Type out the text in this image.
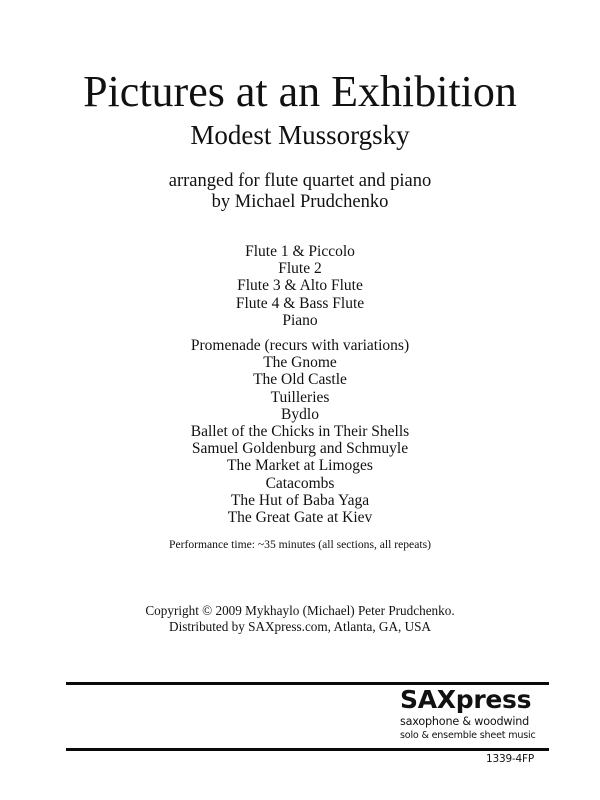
Pictures at an Exhibition
Modest Mussorgsky
arranged for flute quartet and piano
by Michael Prudchenko
Flute 1 & Piccolo
Flute 2
Flute 3 & Alto Flute
Flute 4 & Bass Flute
Piano
Promenade (recurs with variations)
The Gnome
The Old Castle
Tuilleries
Bydlo
Ballet of the Chicks in Their Shells
Samuel Goldenburg and Schmuyle
The Market at Limoges
Catacombs
The Hut of Baba Yaga
The Great Gate at Kiev
Performance time: ~35 minutes (all sections, all repeats)
Copyright © 2009 Mykhaylo (Michael) Peter Prudchenko.
Distributed by SAXpress.com, Atlanta, GA, USA
SAXpress
saxophone & woodwind
solo & ensemble sheet music
1339-4FP
